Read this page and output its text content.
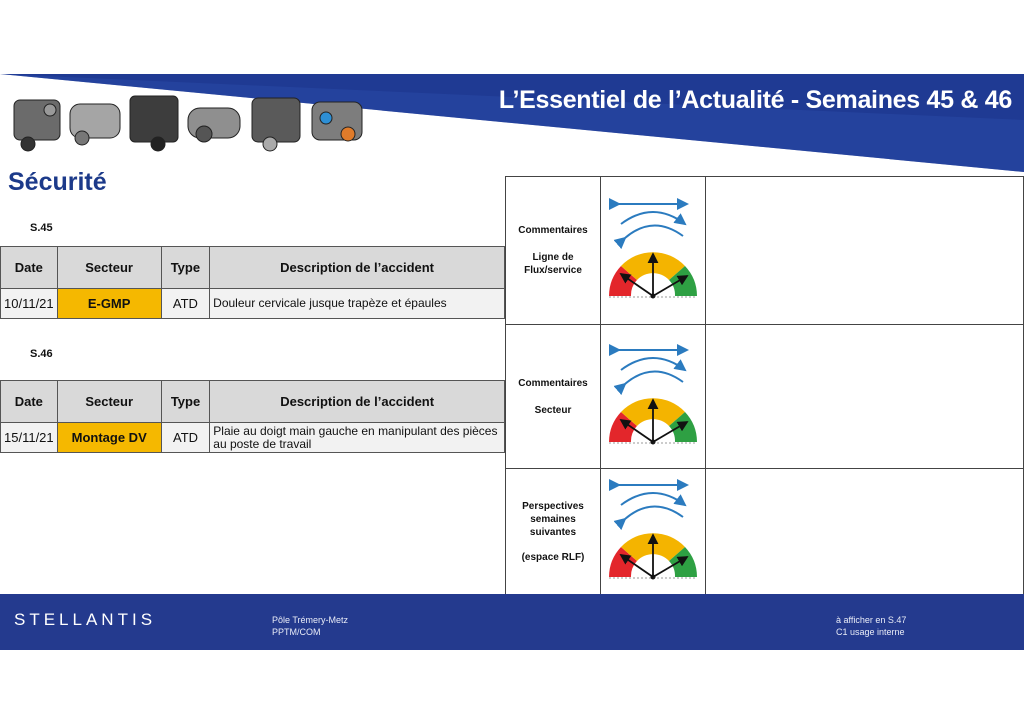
L’Essentiel de l’Actualité - Semaines 45 & 46
Sécurité
S.45
Date	Secteur	Type	Description de l’accident
10/11/21	E-GMP	ATD	Douleur cervicale jusque trapèze et épaules
S.46
Date	Secteur	Type	Description de l’accident
15/11/21	Montage DV	ATD	Plaie au doigt main gauche en manipulant des pièces au poste de travail
Commentaires
Ligne de
Flux/service
Commentaires
Secteur
Perspectives semaines suivantes
(espace RLF)
STELLANTIS	Pôle Trémery-Metz
PPTM/COM
à afficher en S.47
C1 usage interne
